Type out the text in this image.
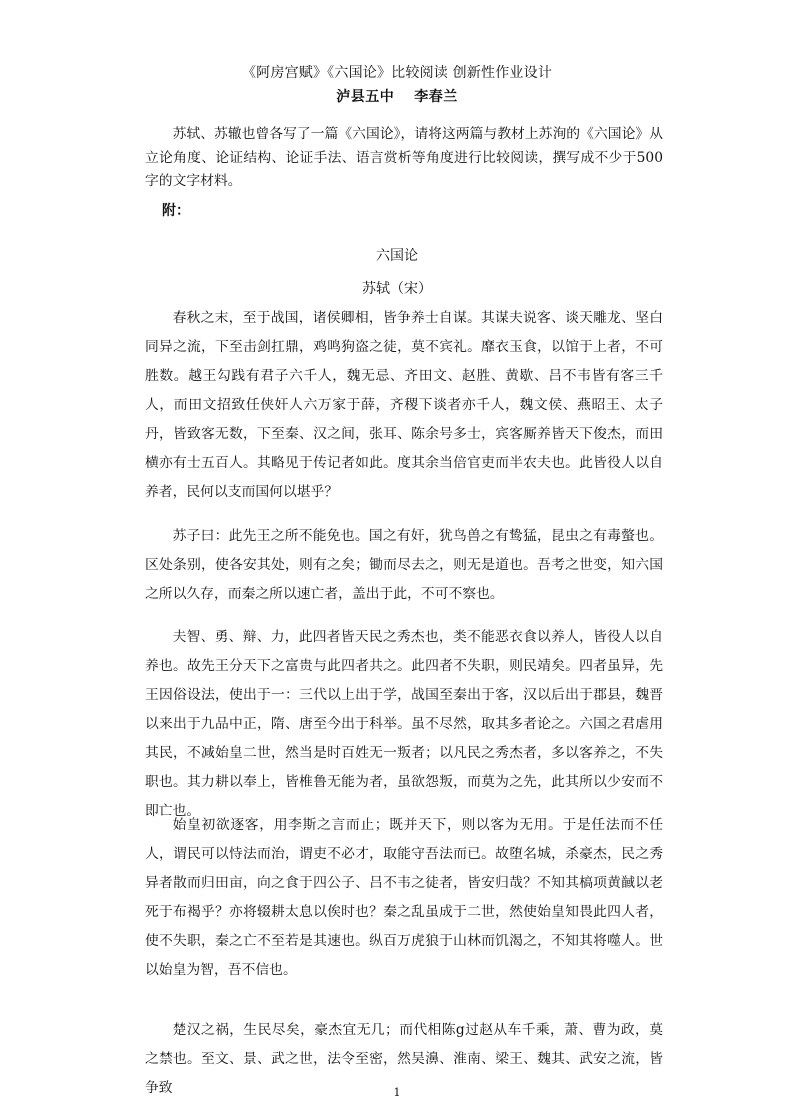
《阿房宫赋》《六国论》比较阅读 创新性作业设计
泸县五中 李春兰
苏轼、苏辙也曾各写了一篇《六国论》，请将这两篇与教材上苏洵的《六国论》从立论角度、论证结构、论证手法、语言赏析等角度进行比较阅读，撰写成不少于500字的文字材料。
附：
六国论
苏轼（宋）
春秋之末，至于战国，诸侯卿相，皆争养士自谋。其谋夫说客、谈天雕龙、坚白同异之流，下至击剑扛鼎，鸡鸣狗盗之徒，莫不宾礼。靡衣玉食，以馆于上者，不可胜数。越王勾践有君子六千人，魏无忌、齐田文、赵胜、黄歇、吕不韦皆有客三千人，而田文招致任侠奸人六万家于薛，齐稷下谈者亦千人，魏文侯、燕昭王、太子丹，皆致客无数，下至秦、汉之间，张耳、陈余号多士，宾客厮养皆天下俊杰，而田横亦有士五百人。其略见于传记者如此。度其余当倍官吏而半农夫也。此皆役人以自养者，民何以支而国何以堪乎？
苏子曰：此先王之所不能免也。国之有奸，犹鸟兽之有鸷猛，昆虫之有毒螫也。区处条别，使各安其处，则有之矣；锄而尽去之，则无是道也。吾考之世变，知六国之所以久存，而秦之所以速亡者，盖出于此，不可不察也。
夫智、勇、辩、力，此四者皆天民之秀杰也，类不能恶衣食以养人，皆役人以自养也。故先王分天下之富贵与此四者共之。此四者不失职，则民靖矣。四者虽异，先王因俗设法，使出于一：三代以上出于学，战国至秦出于客，汉以后出于郡县，魏晋以来出于九品中正，隋、唐至今出于科举。虽不尽然，取其多者论之。六国之君虐用其民，不减始皇二世，然当是时百姓无一叛者；以凡民之秀杰者，多以客养之，不失职也。其力耕以奉上，皆椎鲁无能为者，虽欲怨叛，而莫为之先，此其所以少安而不即亡也。
始皇初欲逐客，用李斯之言而止；既并天下，则以客为无用。于是任法而不任人，谓民可以恃法而治，谓吏不必才，取能守吾法而已。故堕名城，杀豪杰，民之秀异者散而归田亩，向之食于四公子、吕不韦之徒者，皆安归哉？不知其槁项黄馘以老死于布褐乎？亦将辍耕太息以俟时也？秦之乱虽成于二世，然使始皇知畏此四人者，使不失职，秦之亡不至若是其速也。纵百万虎狼于山林而饥渴之，不知其将噬人。世以始皇为智，吾不信也。
楚汉之祸，生民尽矣，豪杰宜无几；而代相陈g过赵从车千乘，萧、曹为政，莫之禁也。至文、景、武之世，法令至密，然吴濞、淮南、梁王、魏其、武安之流，皆争致	1
